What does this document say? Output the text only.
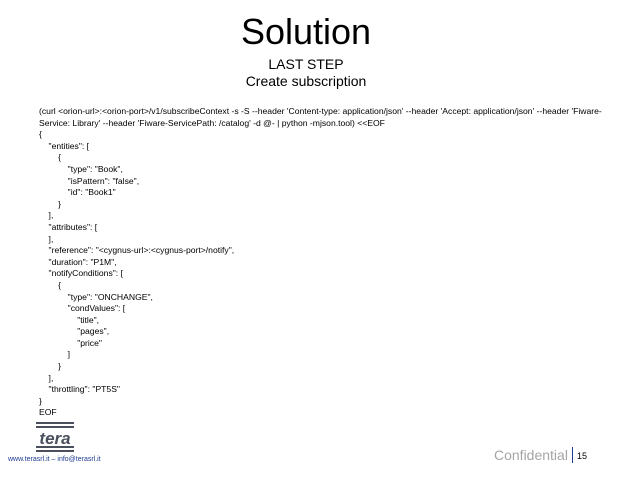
Solution
LAST STEP
Create subscription
(curl <orion-url>:<orion-port>/v1/subscribeContext -s -S --header 'Content-type: application/json' --header 'Accept: application/json' --header 'Fiware-Service: Library' --header 'Fiware-ServicePath: /catalog' -d @- | python -mjson.tool) <<EOF
{
"entities": [
{
"type": "Book",
"isPattern": "false",
"id": "Book1"
}
],
"attributes": [
],
"reference": "<cygnus-url>:<cygnus-port>/notify",
"duration": "P1M",
"notifyConditions": [
{
"type": "ONCHANGE",
"condValues": [
"title",
"pages",
"price"
]
}
],
"throttling": "PT5S"
}
EOF
tera
www.terasrl.it – info@terasrl.it	Confidential 15
